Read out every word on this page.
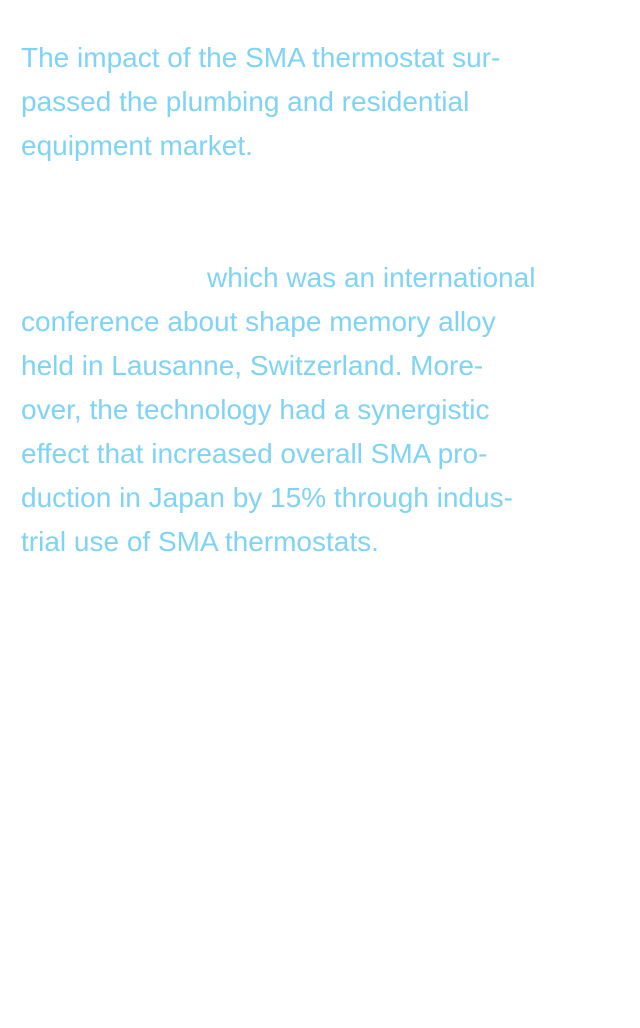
The impact of the SMA thermostat sur-
passed the plumbing and residential
equipment market.

which was an international
conference about shape memory alloy
held in Lausanne, Switzerland. More-
over, the technology had a synergistic
effect that increased overall SMA pro-
duction in Japan by 15% through indus-
trial use of SMA thermostats.
